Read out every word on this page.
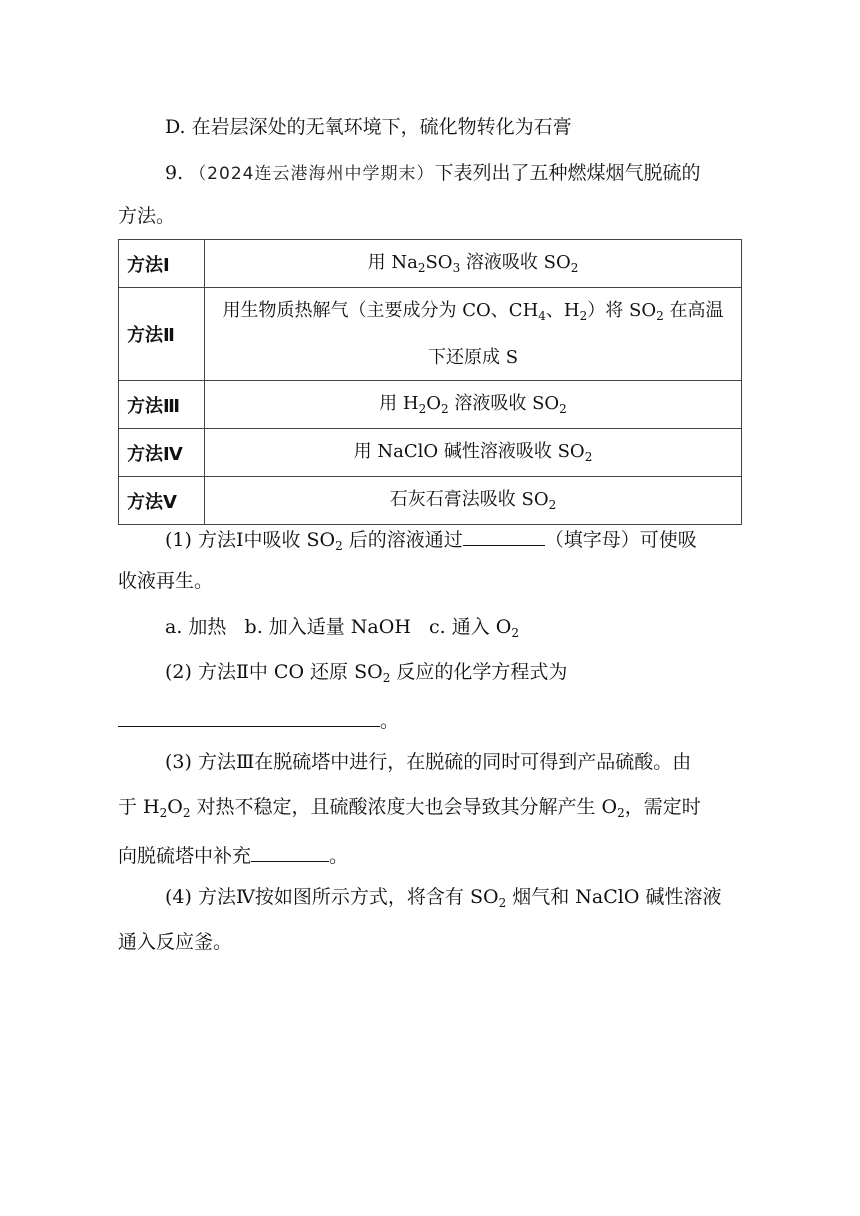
D. 在岩层深处的无氧环境下，硫化物转化为石膏
9. （2024连云港海州中学期末）下表列出了五种燃煤烟气脱硫的
方法。
方法Ⅰ	用 $Na_2SO_3$ 溶液吸收 $SO_2$
方法Ⅱ	用生物质热解气（主要成分为 CO、$CH_4$、$H_2$）将 $SO_2$ 在高温
下还原成 S
方法Ⅲ	用 $H_2O_2$ 溶液吸收 $SO_2$
方法Ⅳ	用 NaClO 碱性溶液吸收 $SO_2$
方法Ⅴ	石灰石膏法吸收 $SO_2$
(1) 方法Ⅰ中吸收 $SO_2$ 后的溶液通过	（填字母）可使吸
收液再生。
a. 加热   b. 加入适量 NaOH   c. 通入 $O_2$
(2) 方法Ⅱ中 CO 还原 $SO_2$ 反应的化学方程式为
。
(3) 方法Ⅲ在脱硫塔中进行，在脱硫的同时可得到产品硫酸。由
于 $H_2O_2$ 对热不稳定，且硫酸浓度大也会导致其分解产生 $O_2$，需定时
向脱硫塔中补充	。
(4) 方法Ⅳ按如图所示方式，将含有 $SO_2$ 烟气和 NaClO 碱性溶液
通入反应釜。
